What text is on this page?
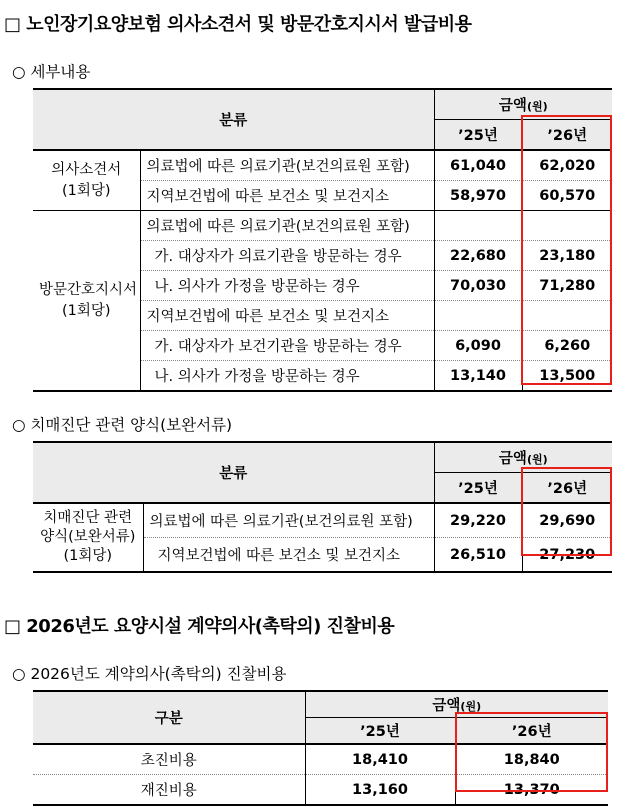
□ 노인장기요양보험 의사소견서 및 방문간호지시서 발급비용
○ 세부내용
분류		금액(원)	
		’25년	’26년

의사소견서
(1회당)	의료법에 따른 의료기관(보건의료원 포함)	61,040	62,020
	지역보건법에 따른 보건소 및 보건지소	58,970	60,570

방문간호지시서
(1회당)	의료법에 따른 의료기관(보건의료원 포함)		
	가. 대상자가 의료기관을 방문하는 경우	22,680	23,180
	나. 의사가 가정을 방문하는 경우	70,030	71,280
	지역보건법에 따른 보건소 및 보건지소		
	가. 대상자가 보건기관을 방문하는 경우	6,090	6,260
	나. 의사가 가정을 방문하는 경우	13,140	13,500
○ 치매진단 관련 양식(보완서류)
분류		금액(원)	
		’25년	’26년

치매진단 관련
양식(보완서류)
(1회당)	의료법에 따른 의료기관(보건의료원 포함)	29,220	29,690
	지역보건법에 따른 보건소 및 보건지소	26,510	27,230
□ 2026년도 요양시설 계약의사(촉탁의) 진찰비용
○ 2026년도 계약의사(촉탁의) 진찰비용
구분	금액(원)	
	’25년	’26년
초진비용	18,410	18,840
재진비용	13,160	13,370
